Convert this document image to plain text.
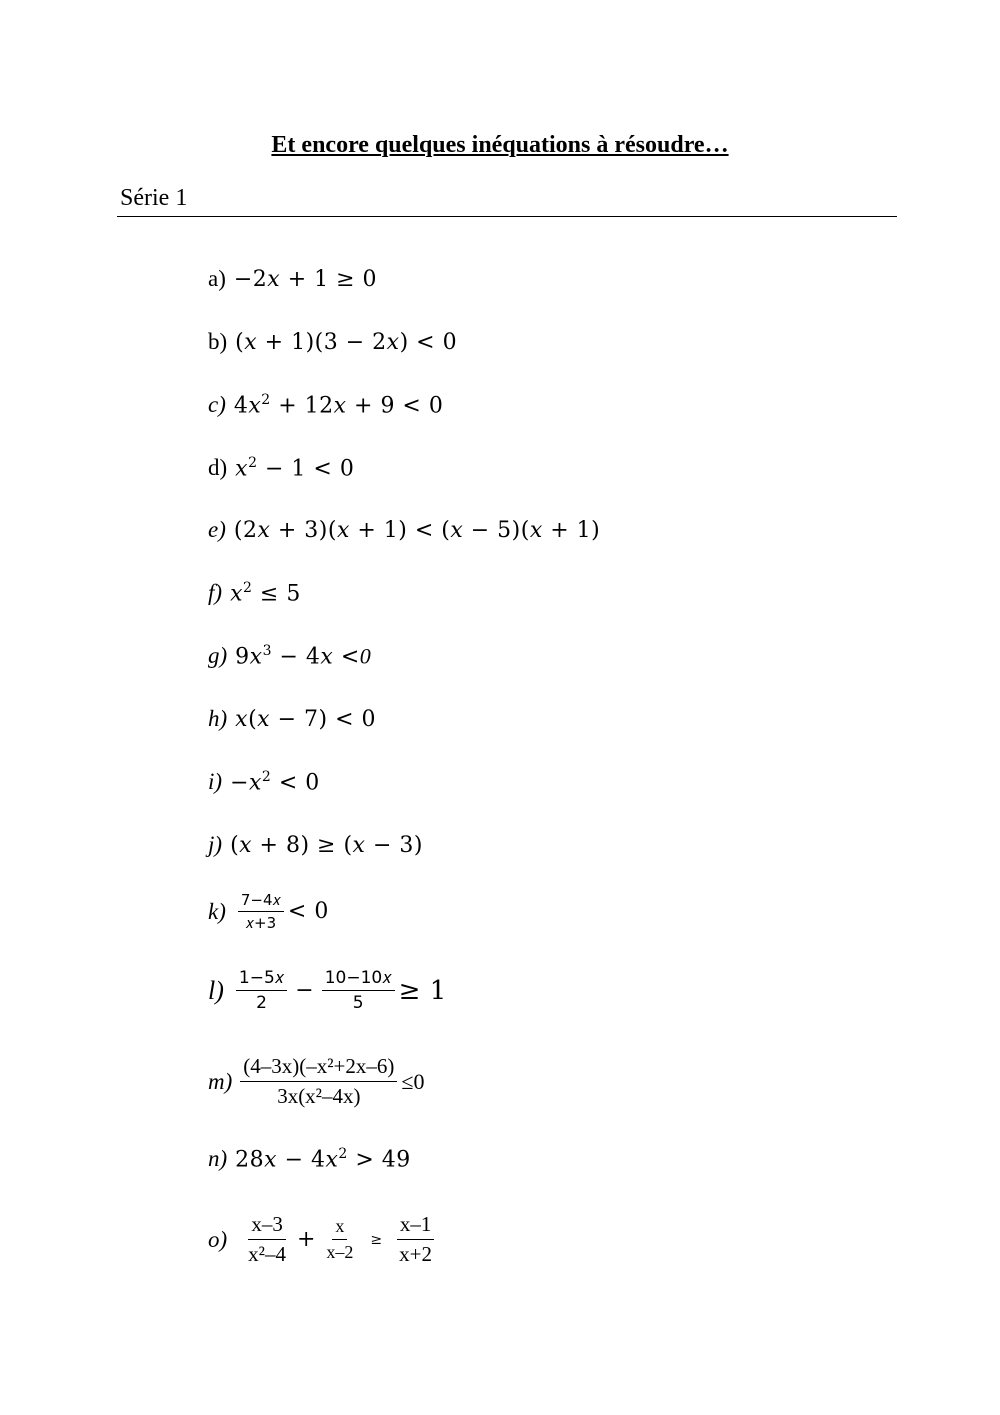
Et encore quelques inéquations à résoudre…
Série 1
a) −2𝑥 + 1 ≥ 0
b) (𝑥 + 1)(3 − 2𝑥) < 0
c) 4𝑥$^2$ + 12𝑥 + 9 < 0
d) 𝑥$^2$ − 1 < 0
e) (2𝑥 + 3)(𝑥 + 1) < (𝑥 − 5)(𝑥 + 1)
f) 𝑥$^2$ ≤ 5
g) 9𝑥$^3$ − 4𝑥 <0
h) 𝑥(𝑥 − 7) < 0
i) −𝑥$^2$ < 0
j) (𝑥 + 8) ≥ (𝑥 − 3)
$k) \frac{\text{7−4𝑥}}{\text{𝑥+3}} < 0$
$l) \frac{\text{1−5𝑥}}{2} - \frac{\text{10−10𝑥}}{5} \ge 1$
$m) \frac{\text{(4–3x)(–x²+2x–6)}}{\text{3x(x²–4x)}} \le 0$
n) 28𝑥 − 4𝑥$^2$ > 49
$o) \frac{x-3}{\text{x²–4}} + \frac{x}{x-2} \ge \frac{x-1}{x+2}$
